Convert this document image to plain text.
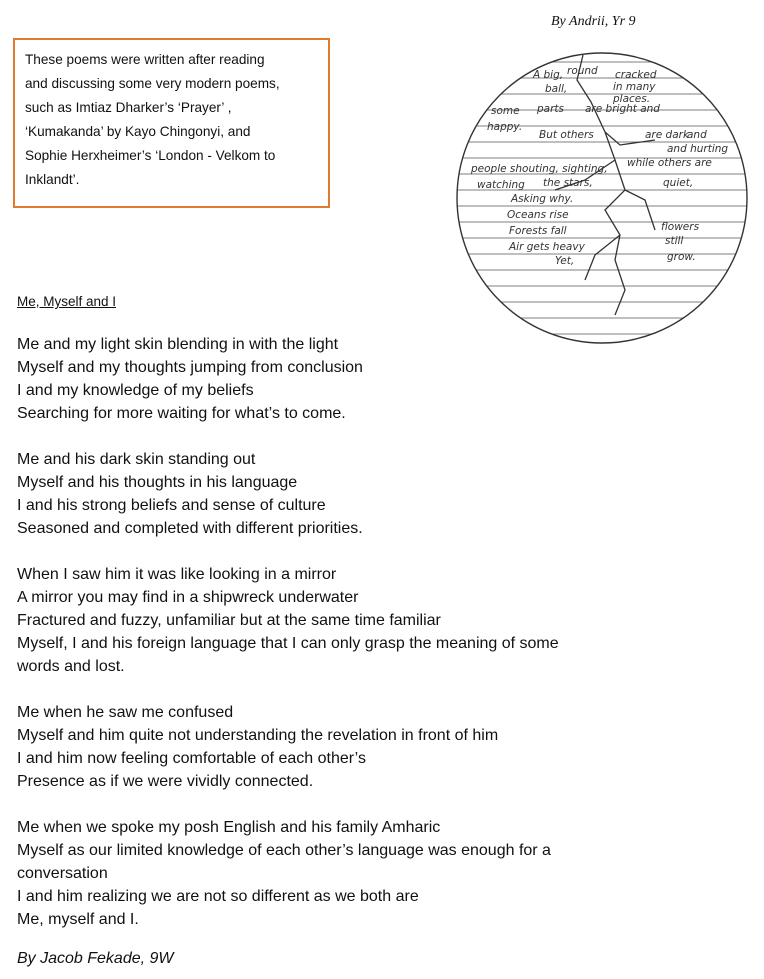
These poems were written after reading

and discussing some very modern poems,

such as Imtiaz Dharker’s ‘Prayer’ ,

‘Kumakanda’ by Kayo Chingonyi, and

Sophie Herxheimer’s ‘London - Velkom to

Inklandt’.

By Andrii, Yr 9
A big, round cracked
ball,	in many
places.
some parts are bright and
happy.
But others	are dark
and
and hurting
people shouting, sighting, while others are
watching the stars,	quiet,
Asking why.
Oceans rise
Forests fall	flowers
Air gets heavy	still
Yet,	grow.
Me, Myself and I
Me and my light skin blending in with the light
Myself and my thoughts jumping from conclusion
I and my knowledge of my beliefs
Searching for more waiting for what’s to come.
Me and his dark skin standing out
Myself and his thoughts in his language
I and his strong beliefs and sense of culture
Seasoned and completed with different priorities.
When I saw him it was like looking in a mirror
A mirror you may find in a shipwreck underwater
Fractured and fuzzy, unfamiliar but at the same time familiar
Myself, I and his foreign language that I can only grasp the meaning of some
words and lost.
Me when he saw me confused
Myself and him quite not understanding the revelation in front of him
I and him now feeling comfortable of each other’s
Presence as if we were vividly connected.
Me when we spoke my posh English and his family Amharic
Myself as our limited knowledge of each other’s language was enough for a
conversation
I and him realizing we are not so different as we both are
Me, myself and I.
By Jacob Fekade, 9W
